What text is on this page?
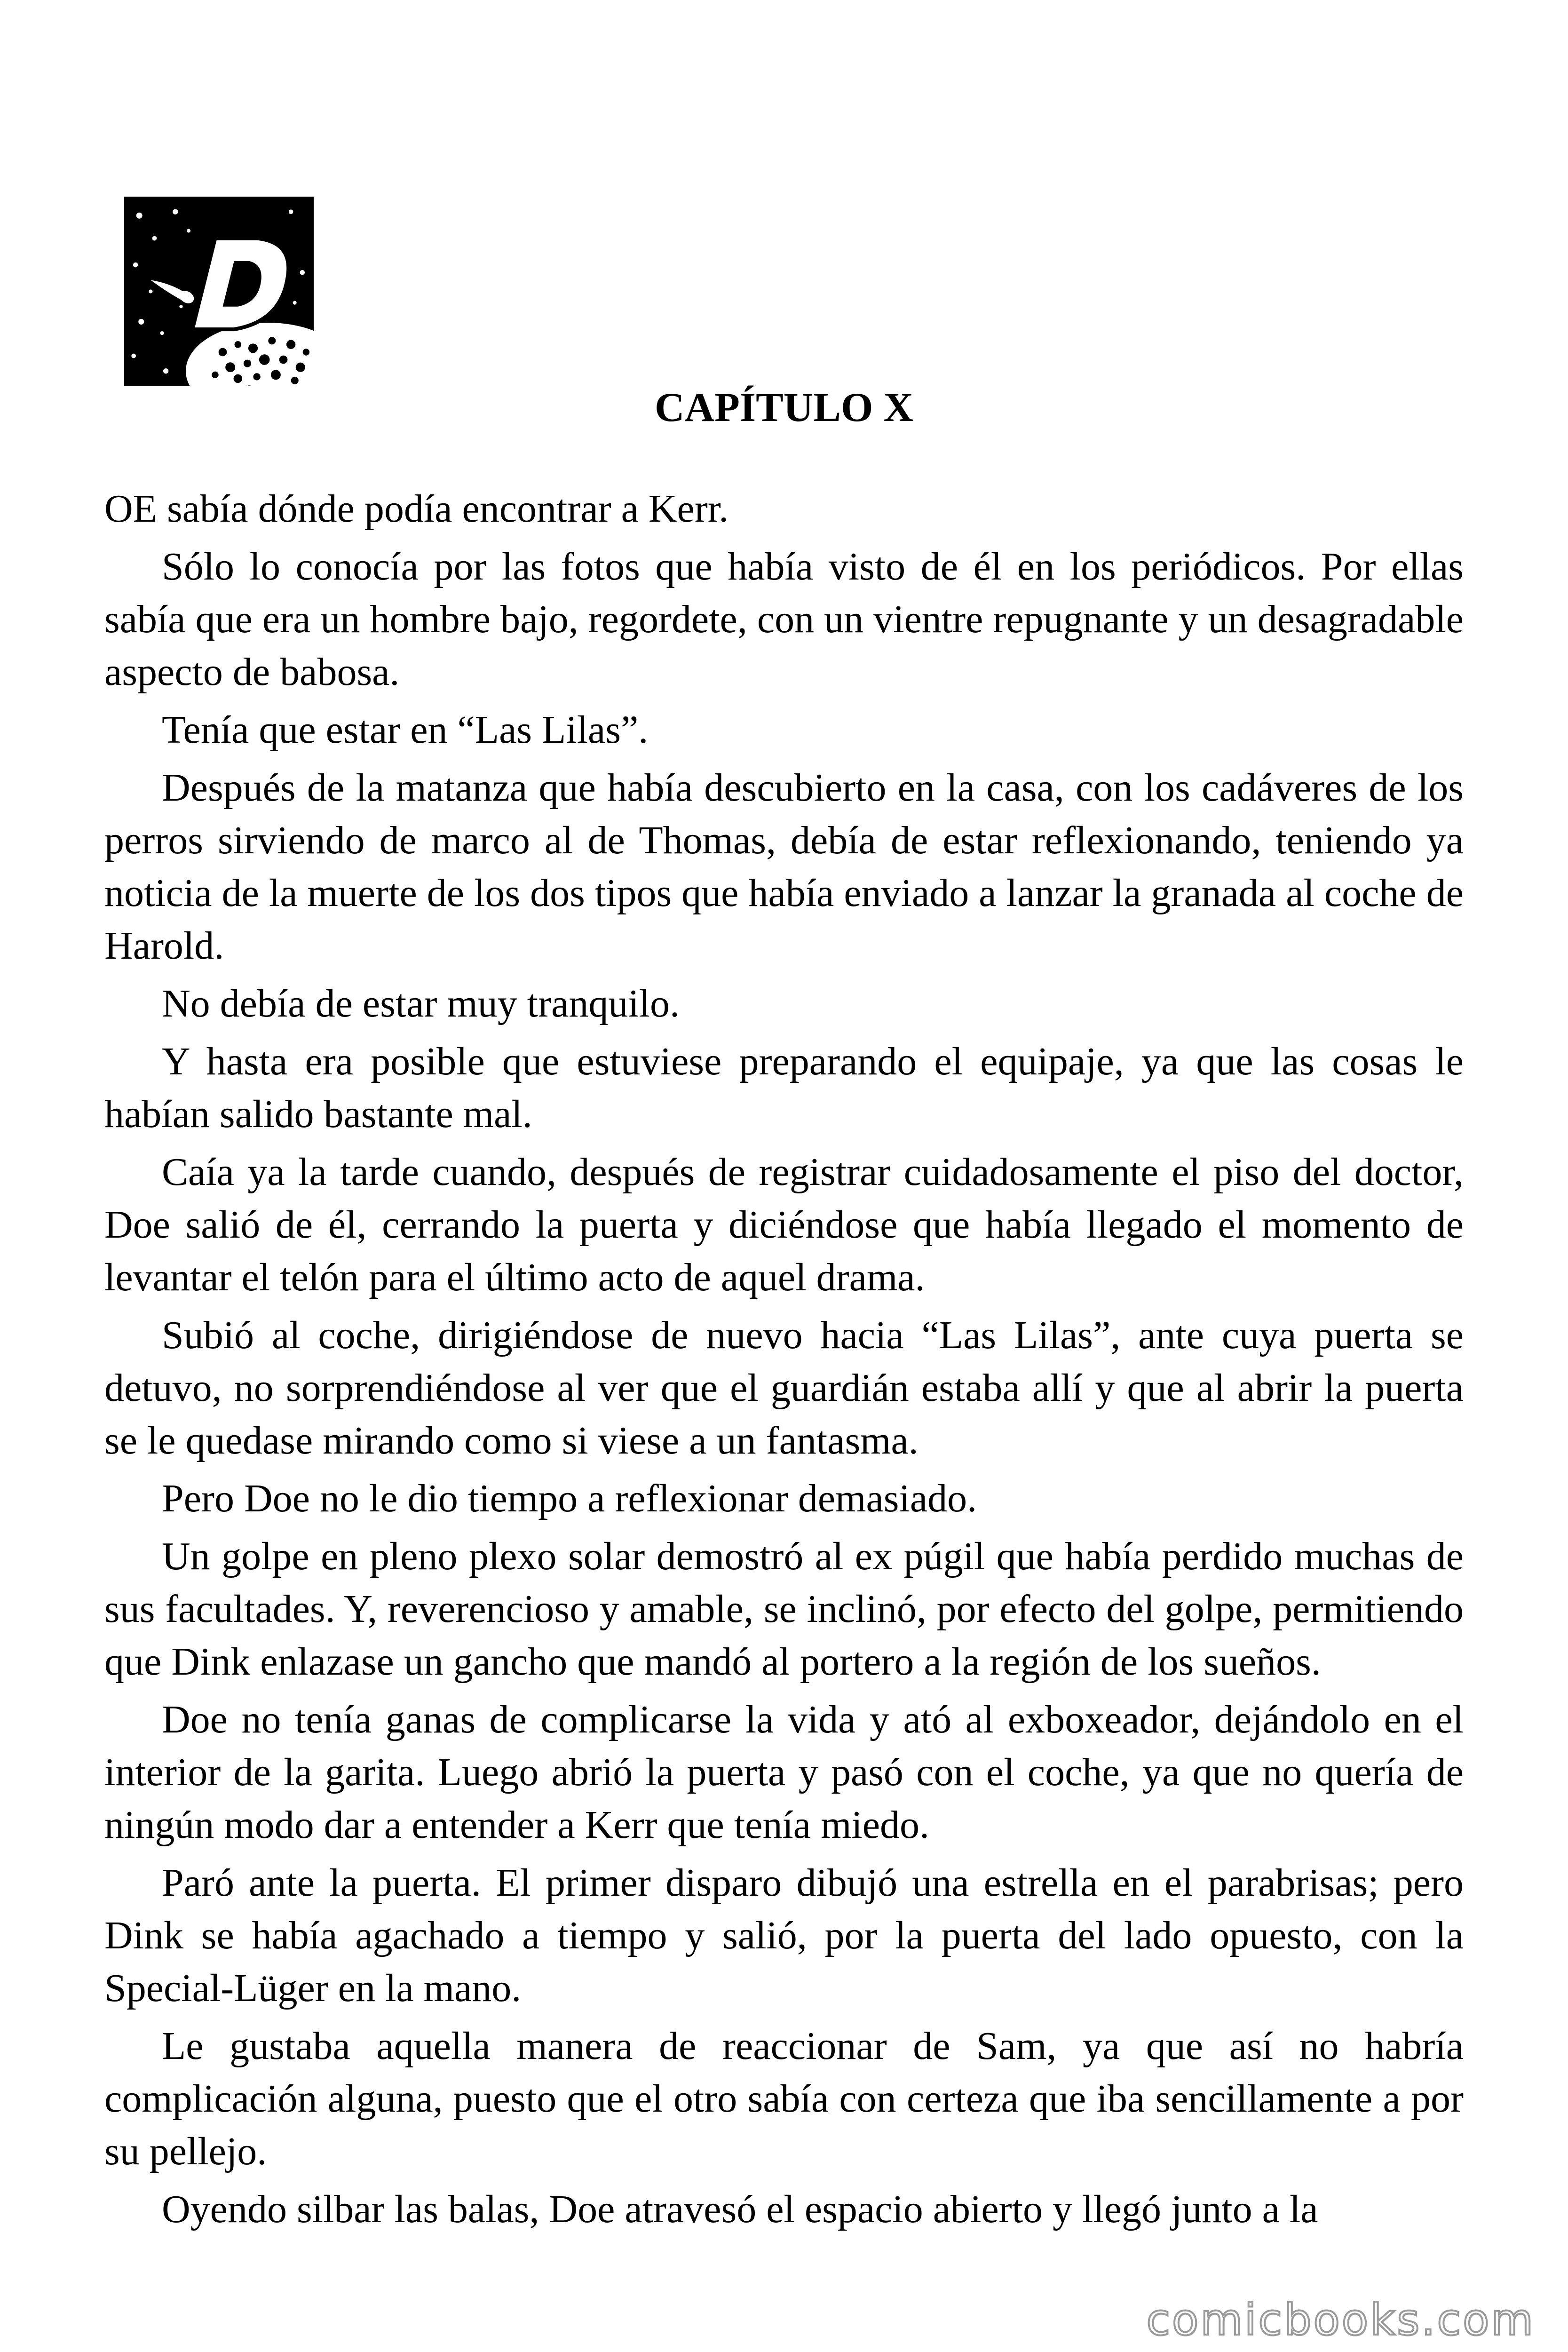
CAPÍTULO X

OE sabía dónde podía encontrar a Kerr.

Sólo lo conocía por las fotos que había visto de él en los periódicos. Por ellas sabía que era un hombre bajo, regordete, con un vientre repugnante y un desagradable aspecto de babosa.

Tenía que estar en “Las Lilas”.

Después de la matanza que había descubierto en la casa, con los cadáveres de los perros sirviendo de marco al de Thomas, debía de estar reflexionando, teniendo ya noticia de la muerte de los dos tipos que había enviado a lanzar la granada al coche de Harold.

No debía de estar muy tranquilo.

Y hasta era posible que estuviese preparando el equipaje, ya que las cosas le habían salido bastante mal.

Caía ya la tarde cuando, después de registrar cuidadosamente el piso del doctor, Doe salió de él, cerrando la puerta y diciéndose que había llegado el momento de levantar el telón para el último acto de aquel drama.

Subió al coche, dirigiéndose de nuevo hacia “Las Lilas”, ante cuya puerta se detuvo, no sorprendiéndose al ver que el guardián estaba allí y que al abrir la puerta se le quedase mirando como si viese a un fantasma.

Pero Doe no le dio tiempo a reflexionar demasiado.

Un golpe en pleno plexo solar demostró al ex púgil que había perdido muchas de sus facultades. Y, reverencioso y amable, se inclinó, por efecto del golpe, permitiendo que Dink enlazase un gancho que mandó al portero a la región de los sueños.

Doe no tenía ganas de complicarse la vida y ató al exboxeador, dejándolo en el interior de la garita. Luego abrió la puerta y pasó con el coche, ya que no quería de ningún modo dar a entender a Kerr que tenía miedo.

Paró ante la puerta. El primer disparo dibujó una estrella en el parabrisas; pero Dink se había agachado a tiempo y salió, por la puerta del lado opuesto, con la Special-Lüger en la mano.

Le gustaba aquella manera de reaccionar de Sam, ya que así no habría complicación alguna, puesto que el otro sabía con certeza que iba sencillamente a por su pellejo.

Oyendo silbar las balas, Doe atravesó el espacio abierto y llegó junto a la

comicbooks.com
